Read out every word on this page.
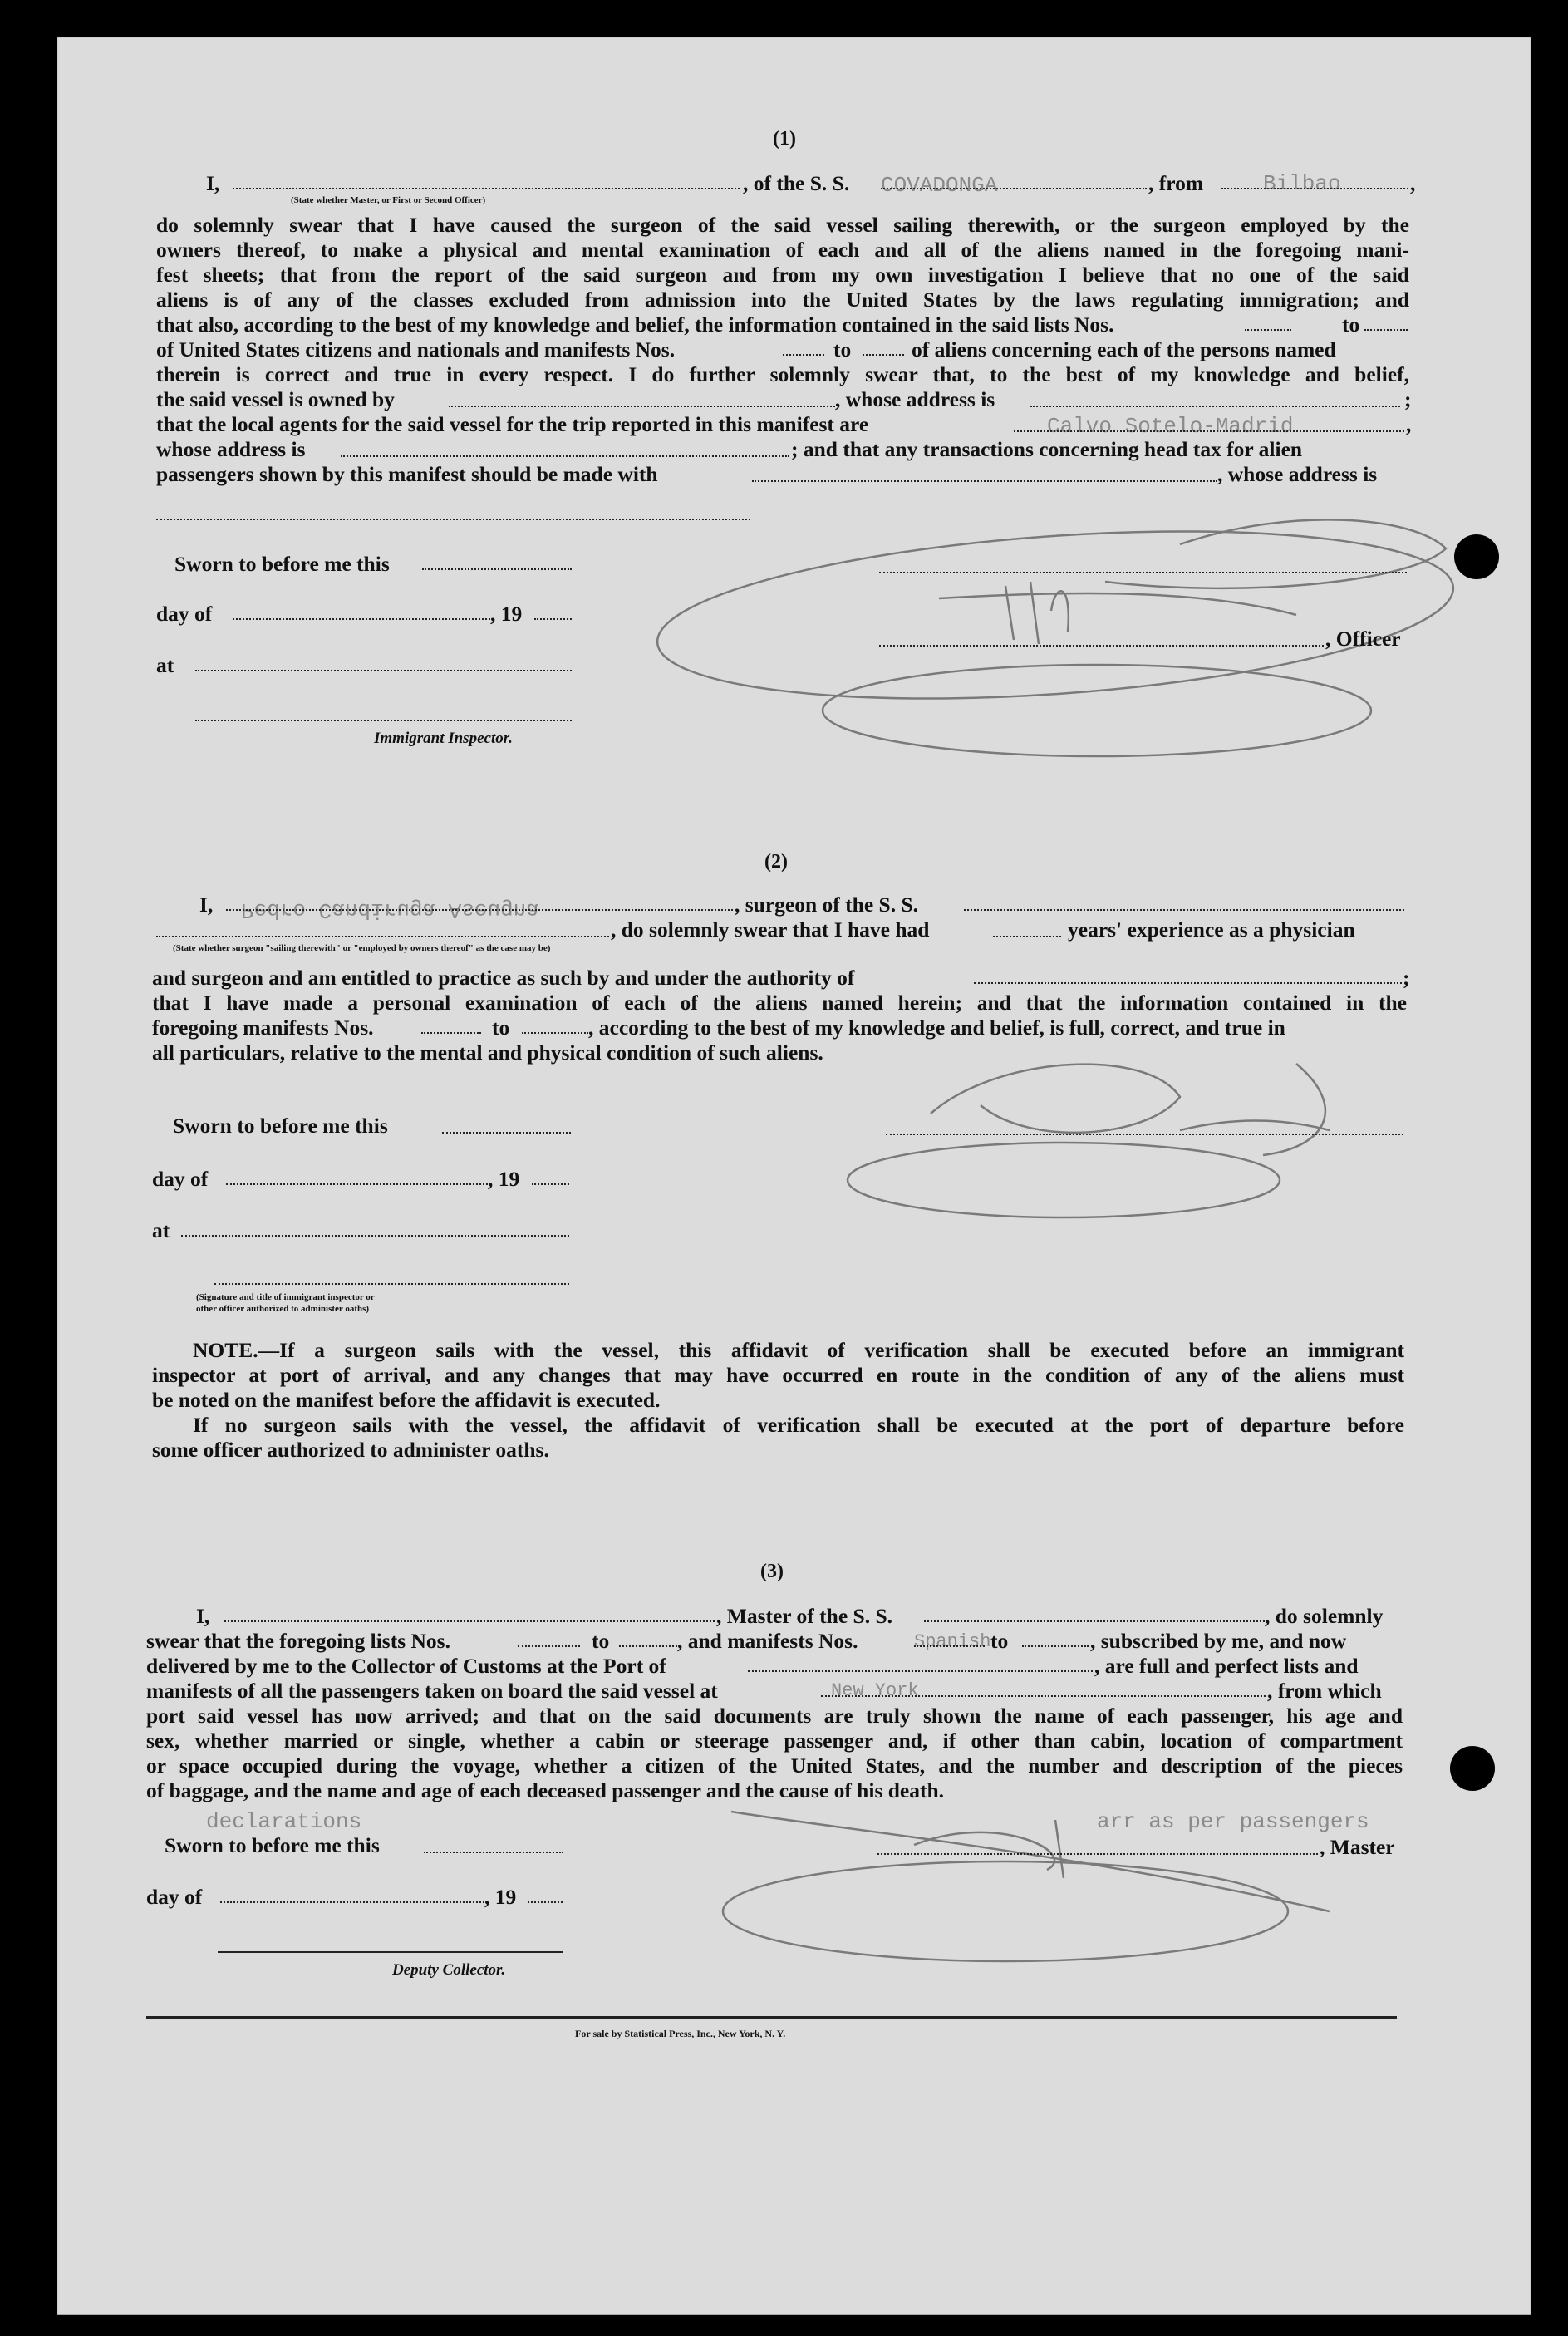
COVADONGA	Bilbao
Calvo Sotelo-Madrid
Pedro Candiruga Aseugna
declarations	arr as per passengers
New York
Spanish
(1)
I,	, of the S. S.	, from	,
(State whether Master, or First or Second Officer)
do solemnly swear that I have caused the surgeon of the said vessel sailing therewith, or the surgeon employed by the
owners thereof, to make a physical and mental examination of each and all of the aliens named in the foregoing mani-
fest sheets; that from the report of the said surgeon and from my own investigation I believe that no one of the said
aliens is of any of the classes excluded from admission into the United States by the laws regulating immigration; and
that also, according to the best of my knowledge and belief, the information contained in the said lists Nos.	to
of United States citizens and nationals and manifests Nos.	to	of aliens concerning each of the persons named
therein is correct and true in every respect. I do further solemnly swear that, to the best of my knowledge and belief,
the said vessel is owned by	, whose address is	;
that the local agents for the said vessel for the trip reported in this manifest are	,
whose address is	; and that any transactions concerning head tax for alien
passengers shown by this manifest should be made with	, whose address is
Sworn to before me this
day of	, 19
, Officer
at
Immigrant Inspector.
(2)
I,	, surgeon of the S. S.
, do solemnly swear that I have had	years' experience as a physician
(State whether surgeon "sailing therewith" or "employed by owners thereof" as the case may be)
and surgeon and am entitled to practice as such by and under the authority of	;
that I have made a personal examination of each of the aliens named herein; and that the information contained in the
foregoing manifests Nos.	to	, according to the best of my knowledge and belief, is full, correct, and true in
all particulars, relative to the mental and physical condition of such aliens.
Sworn to before me this
day of	, 19
at
(Signature and title of immigrant inspector or
other officer authorized to administer oaths)
NOTE.—If a surgeon sails with the vessel, this affidavit of verification shall be executed before an immigrant
inspector at port of arrival, and any changes that may have occurred en route in the condition of any of the aliens must
be noted on the manifest before the affidavit is executed.
If no surgeon sails with the vessel, the affidavit of verification shall be executed at the port of departure before
some officer authorized to administer oaths.
(3)
I,	, Master of the S. S.	, do solemnly
swear that the foregoing lists Nos.	to	, and manifests Nos.	to	, subscribed by me, and now
delivered by me to the Collector of Customs at the Port of	, are full and perfect lists and
manifests of all the passengers taken on board the said vessel at	, from which
port said vessel has now arrived; and that on the said documents are truly shown the name of each passenger, his age and
sex, whether married or single, whether a cabin or steerage passenger and, if other than cabin, location of compartment
or space occupied during the voyage, whether a citizen of the United States, and the number and description of the pieces
of baggage, and the name and age of each deceased passenger and the cause of his death.
Sworn to before me this	, Master
day of	, 19
Deputy Collector.
For sale by Statistical Press, Inc., New York, N. Y.
